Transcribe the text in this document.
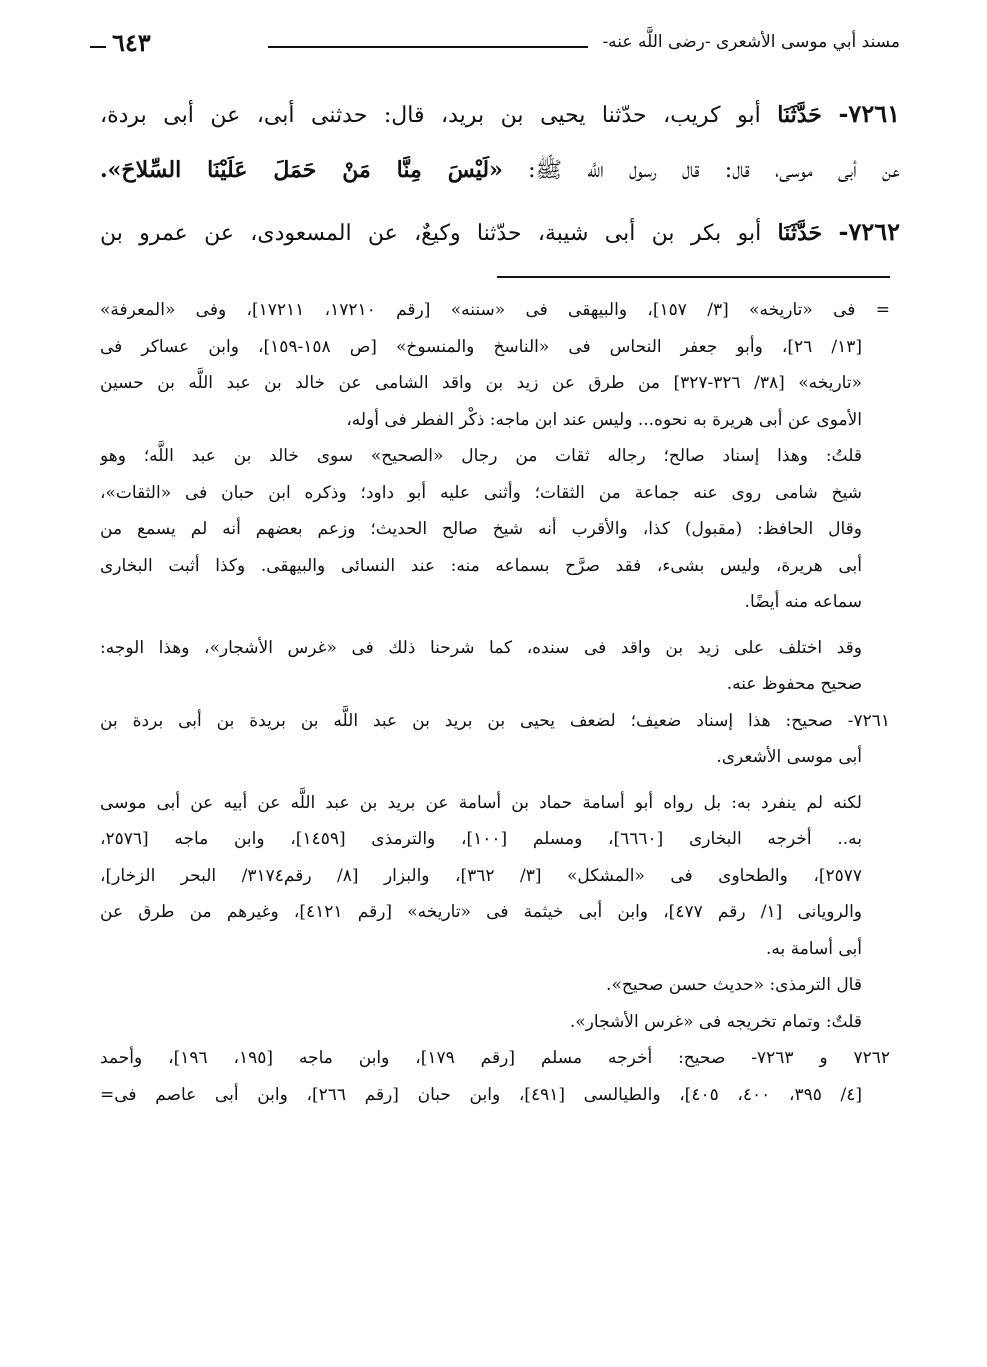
مسند أبي موسى الأشعرى -رضى اللَّه عنه-
٦٤٣
٧٢٦١- حَدَّثَنَا أبو كريب، حدّثنا يحيى بن بريد، قال: حدثنى أبى، عن أبى بردة،
عن أبى موسى، قال: قال رسول اللَّه ﷺ: «لَيْسَ مِنَّا مَنْ حَمَلَ عَلَيْنَا السِّلاحَ».
٧٢٦٢- حَدَّثَنَا أبو بكر بن أبى شيبة، حدّثنا وكيعٌ، عن المسعودى، عن عمرو بن
= فى «تاريخه» [٣/ ١٥٧]، والبيهقى فى «سننه» [رقم ١٧٢١٠، ١٧٢١١]، وفى «المعرفة»
[١٣/ ٢٦]، وأبو جعفر النحاس فى «الناسخ والمنسوخ» [ص ١٥٨-١٥٩]، وابن عساكر فى
«تاريخه» [٣٨/ ٣٢٦-٣٢٧] من طرق عن زيد بن واقد الشامى عن خالد بن عبد اللَّه بن حسين
الأموى عن أبى هريرة به نحوه... وليس عند ابن ماجه: ذكْر الفطر فى أوله،
قلتُ: وهذا إسناد صالح؛ رجاله ثقات من رجال «الصحيح» سوى خالد بن عبد اللَّه؛ وهو
شيخ شامى روى عنه جماعة من الثقات؛ وأثنى عليه أبو داود؛ وذكره ابن حبان فى «الثقات»،
وقال الحافظ: (مقبول) كذا، والأقرب أنه شيخ صالح الحديث؛ وزعم بعضهم أنه لم يسمع من
أبى هريرة، وليس بشىء، فقد صرَّح بسماعه منه: عند النسائى والبيهقى. وكذا أثبت البخارى
سماعه منه أيضًا.
وقد اختلف على زيد بن واقد فى سنده، كما شرحنا ذلك فى «غرس الأشجار»، وهذا الوجه:
صحيح محفوظ عنه.
٧٢٦١- صحيح: هذا إسناد ضعيف؛ لضعف يحيى بن بريد بن عبد اللَّه بن بريدة بن أبى بردة بن
أبى موسى الأشعرى.
لكنه لم ينفرد به: بل رواه أبو أسامة حماد بن أسامة عن بريد بن عبد اللَّه عن أبيه عن أبى موسى
به.. أخرجه البخارى [٦٦٦٠]، ومسلم [١٠٠]، والترمذى [١٤٥٩]، وابن ماجه [٢٥٧٦،
٢٥٧٧]، والطحاوى فى «المشكل» [٣/ ٣٦٢]، والبزار [٨/ رقم٣١٧٤/ البحر الزخار]،
والرويانى [١/ رقم ٤٧٧]، وابن أبى خيثمة فى «تاريخه» [رقم ٤١٢١]، وغيرهم من طرق عن
أبى أسامة به.
قال الترمذى: «حديث حسن صحيح».
قلتٌ: وتمام تخريجه فى «غرس الأشجار».
٧٢٦٢ و ٧٢٦٣- صحيح: أخرجه مسلم [رقم ١٧٩]، وابن ماجه [١٩٥، ١٩٦]، وأحمد
[٤/ ٣٩٥، ٤٠٠، ٤٠٥]، والطيالسى [٤٩١]، وابن حبان [رقم ٢٦٦]، وابن أبى عاصم فى=
